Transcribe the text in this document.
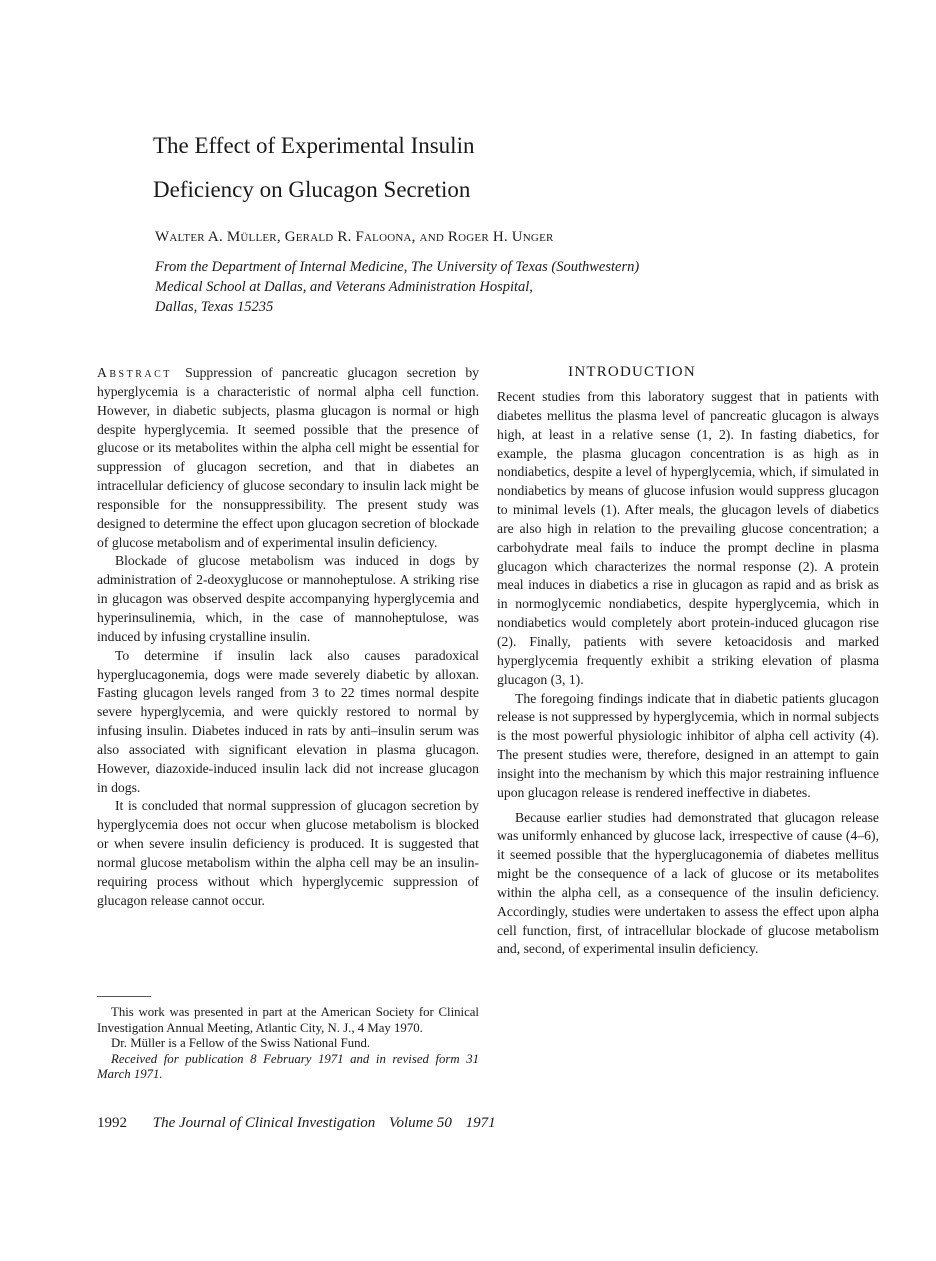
The Effect of Experimental Insulin
Deficiency on Glucagon Secretion
Walter A. Müller, Gerald R. Faloona, and Roger H. Unger
From the Department of Internal Medicine, The University of Texas (Southwestern)
Medical School at Dallas, and Veterans Administration Hospital,
Dallas, Texas 15235

Abstract Suppression of pancreatic glucagon secretion by hyperglycemia is a characteristic of normal alpha cell function. However, in diabetic subjects, plasma glucagon is normal or high despite hyperglycemia. It seemed possible that the presence of glucose or its metabolites within the alpha cell might be essential for suppression of glucagon secretion, and that in diabetes an intracellular deficiency of glucose secondary to insulin lack might be responsible for the nonsuppressibility. The present study was designed to determine the effect upon glucagon secretion of blockade of glucose metabolism and of experimental insulin deficiency.

Blockade of glucose metabolism was induced in dogs by administration of 2-deoxyglucose or mannoheptulose. A striking rise in glucagon was observed despite accompanying hyperglycemia and hyperinsulinemia, which, in the case of mannoheptulose, was induced by infusing crystalline insulin.

To determine if insulin lack also causes paradoxical hyperglucagonemia, dogs were made severely diabetic by alloxan. Fasting glucagon levels ranged from 3 to 22 times normal despite severe hyperglycemia, and were quickly restored to normal by infusing insulin. Diabetes induced in rats by anti–insulin serum was also associated with significant elevation in plasma glucagon. However, diazoxide-induced insulin lack did not increase glucagon in dogs.

It is concluded that normal suppression of glucagon secretion by hyperglycemia does not occur when glucose metabolism is blocked or when severe insulin deficiency is produced. It is suggested that normal glucose metabolism within the alpha cell may be an insulin-requiring process without which hyperglycemic suppression of glucagon release cannot occur.

This work was presented in part at the American Society for Clinical Investigation Annual Meeting, Atlantic City, N. J., 4 May 1970.

Dr. Müller is a Fellow of the Swiss National Fund.

Received for publication 8 February 1971 and in revised form 31 March 1971.

INTRODUCTION

Recent studies from this laboratory suggest that in patients with diabetes mellitus the plasma level of pancreatic glucagon is always high, at least in a relative sense (1, 2). In fasting diabetics, for example, the plasma glucagon concentration is as high as in nondiabetics, despite a level of hyperglycemia, which, if simulated in nondiabetics by means of glucose infusion would suppress glucagon to minimal levels (1). After meals, the glucagon levels of diabetics are also high in relation to the prevailing glucose concentration; a carbohydrate meal fails to induce the prompt decline in plasma glucagon which characterizes the normal response (2). A protein meal induces in diabetics a rise in glucagon as rapid and as brisk as in normoglycemic nondiabetics, despite hyperglycemia, which in nondiabetics would completely abort protein-induced glucagon rise (2). Finally, patients with severe ketoacidosis and marked hyperglycemia frequently exhibit a striking elevation of plasma glucagon (3, 1).

The foregoing findings indicate that in diabetic patients glucagon release is not suppressed by hyperglycemia, which in normal subjects is the most powerful physiologic inhibitor of alpha cell activity (4). The present studies were, therefore, designed in an attempt to gain insight into the mechanism by which this major restraining influence upon glucagon release is rendered ineffective in diabetes.

Because earlier studies had demonstrated that glucagon release was uniformly enhanced by glucose lack, irrespective of cause (4–6), it seemed possible that the hyperglucagonemia of diabetes mellitus might be the consequence of a lack of glucose or its metabolites within the alpha cell, as a consequence of the insulin deficiency. Accordingly, studies were undertaken to assess the effect upon alpha cell function, first, of intracellular blockade of glucose metabolism and, second, of experimental insulin deficiency.

1992 The Journal of Clinical Investigation Volume 50 1971
